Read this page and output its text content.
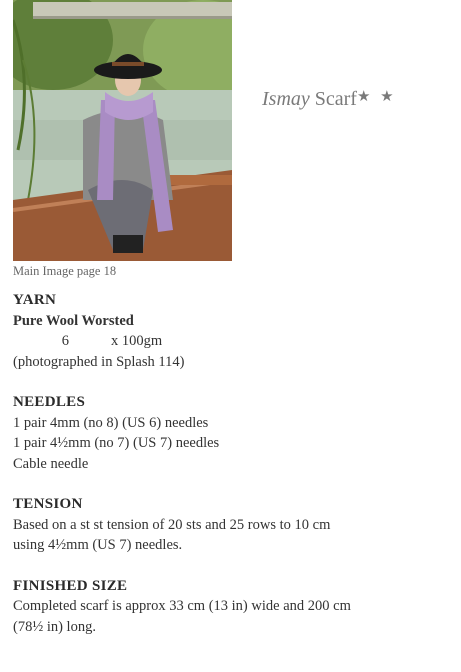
Ismay Scarf★ ★
Main Image page 18
YARN
Pure Wool Worsted
6	x 100gm
(photographed in Splash 114)
NEEDLES
1 pair 4mm (no 8) (US 6) needles
1 pair 4½mm (no 7) (US 7) needles
Cable needle
TENSION
Based on a st st tension of 20 sts and 25 rows to 10 cm using 4½mm (US 7) needles.
FINISHED SIZE
Completed scarf is approx 33 cm (13 in) wide and 200 cm (78½ in) long.
